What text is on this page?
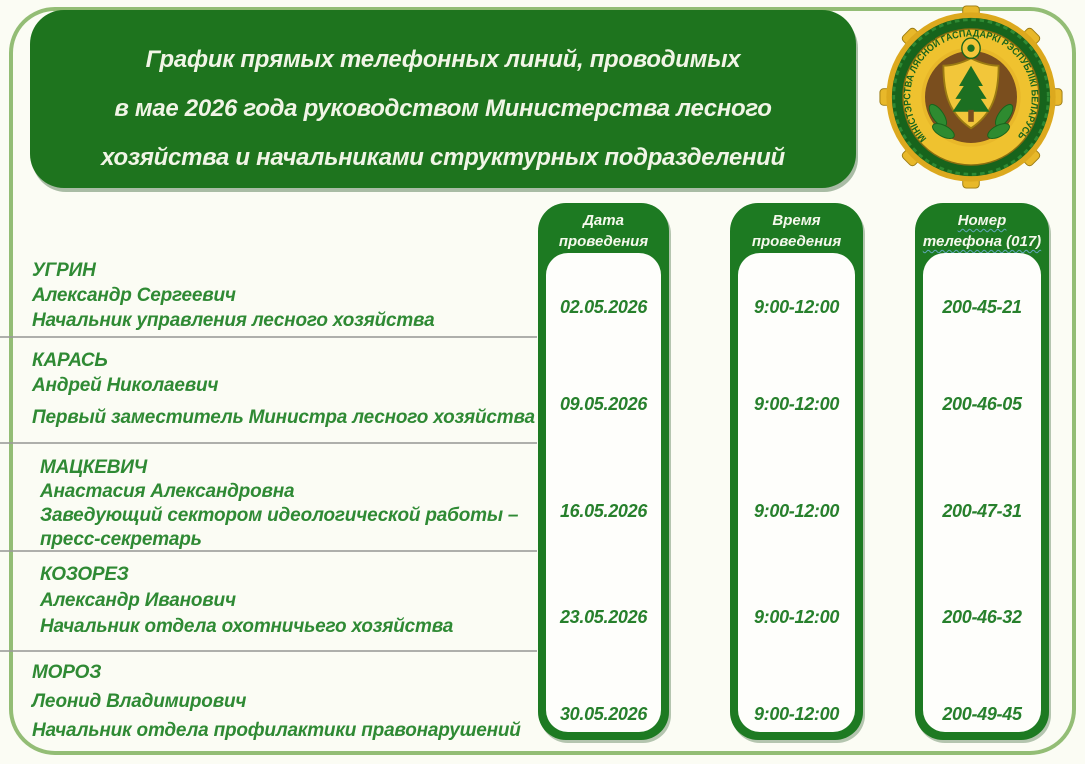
График прямых телефонных линий, проводимых
в мае 2026 года руководством Министерства лесного
хозяйства и начальниками структурных подразделений
МІНІСТЭРСТВА ЛЯСНОЙ ГАСПАДАРКІ РЭСПУБЛІКІ БЕЛАРУСЬ
УГРИН
Александр Сергеевич
Начальник управления лесного хозяйства
КАРАСЬ
Андрей Николаевич
Первый заместитель Министра лесного хозяйства
МАЦКЕВИЧ
Анастасия Александровна
Заведующий сектором идеологической работы – пресс-секретарь
КОЗОРЕЗ
Александр Иванович
Начальник отдела охотничьего хозяйства
МОРОЗ
Леонид Владимирович
Начальник отдела профилактики правонарушений
Дата
проведения
02.05.2026
09.05.2026
16.05.2026
23.05.2026
30.05.2026
Время
проведения
9:00-12:00
9:00-12:00
9:00-12:00
9:00-12:00
9:00-12:00
Номер
телефона (017)
200-45-21
200-46-05
200-47-31
200-46-32
200-49-45
